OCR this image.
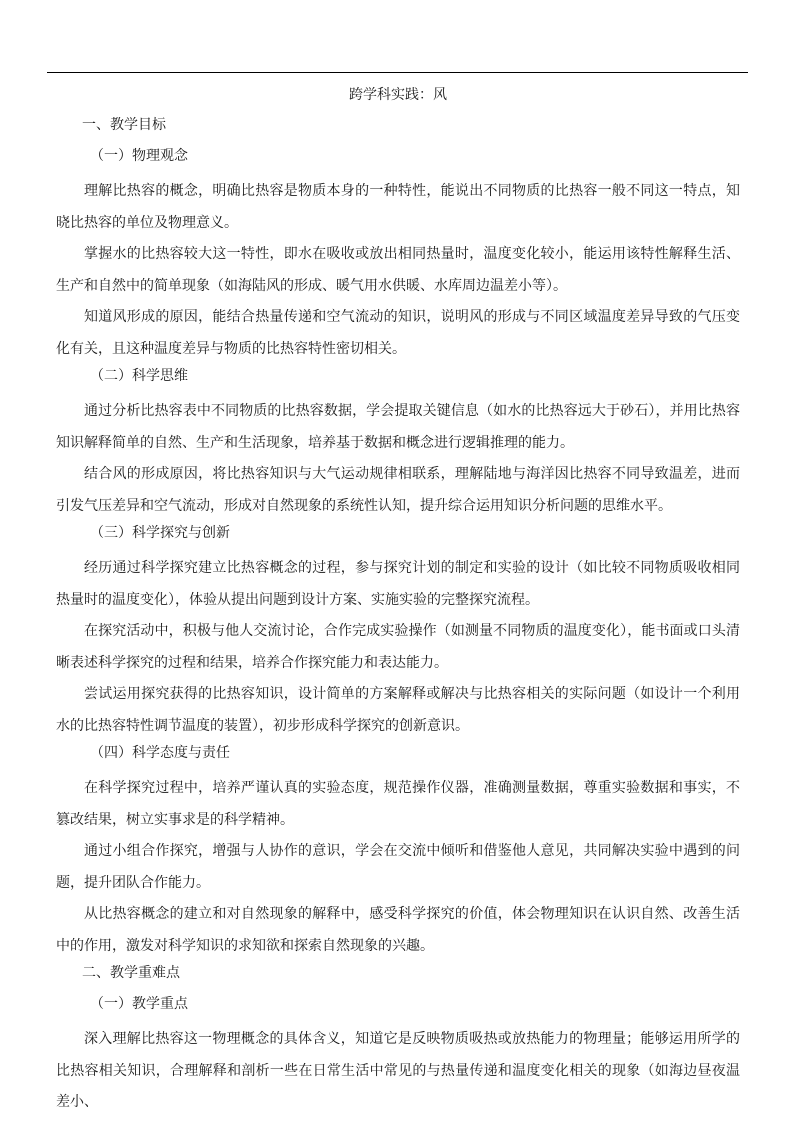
跨学科实践：风
一、教学目标
（一）物理观念

理解比热容的概念，明确比热容是物质本身的一种特性，能说出不同物质的比热容一般不同这一特点，知晓比热容的单位及物理意义。

掌握水的比热容较大这一特性，即水在吸收或放出相同热量时，温度变化较小，能运用该特性解释生活、生产和自然中的简单现象（如海陆风的形成、暖气用水供暖、水库周边温差小等）。

知道风形成的原因，能结合热量传递和空气流动的知识，说明风的形成与不同区域温度差异导致的气压变化有关，且这种温度差异与物质的比热容特性密切相关。

（二）科学思维

通过分析比热容表中不同物质的比热容数据，学会提取关键信息（如水的比热容远大于砂石），并用比热容知识解释简单的自然、生产和生活现象，培养基于数据和概念进行逻辑推理的能力。

结合风的形成原因，将比热容知识与大气运动规律相联系，理解陆地与海洋因比热容不同导致温差，进而引发气压差异和空气流动，形成对自然现象的系统性认知，提升综合运用知识分析问题的思维水平。

（三）科学探究与创新

经历通过科学探究建立比热容概念的过程，参与探究计划的制定和实验的设计（如比较不同物质吸收相同热量时的温度变化），体验从提出问题到设计方案、实施实验的完整探究流程。

在探究活动中，积极与他人交流讨论，合作完成实验操作（如测量不同物质的温度变化），能书面或口头清晰表述科学探究的过程和结果，培养合作探究能力和表达能力。

尝试运用探究获得的比热容知识，设计简单的方案解释或解决与比热容相关的实际问题（如设计一个利用水的比热容特性调节温度的装置），初步形成科学探究的创新意识。

（四）科学态度与责任

在科学探究过程中，培养严谨认真的实验态度，规范操作仪器，准确测量数据，尊重实验数据和事实，不篡改结果，树立实事求是的科学精神。

通过小组合作探究，增强与人协作的意识，学会在交流中倾听和借鉴他人意见，共同解决实验中遇到的问题，提升团队合作能力。

从比热容概念的建立和对自然现象的解释中，感受科学探究的价值，体会物理知识在认识自然、改善生活中的作用，激发对科学知识的求知欲和探索自然现象的兴趣。

二、教学重难点
（一）教学重点

深入理解比热容这一物理概念的具体含义，知道它是反映物质吸热或放热能力的物理量；能够运用所学的比热容相关知识，合理解释和剖析一些在日常生活中常见的与热量传递和温度变化相关的现象（如海边昼夜温差小、
